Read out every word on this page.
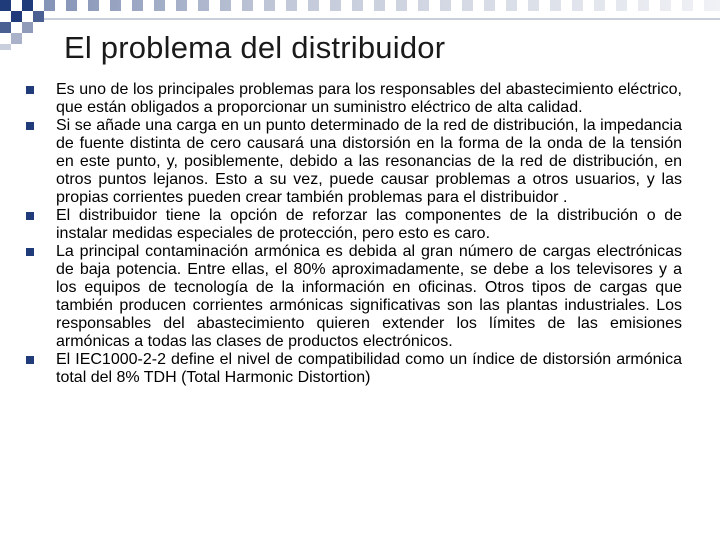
El problema del distribuidor
Es uno de los principales problemas para los responsables del abastecimiento eléctrico, que están obligados a proporcionar un suministro eléctrico de alta calidad.
Si se añade una carga en un punto determinado de la red de distribución, la impedancia de fuente distinta de cero causará una distorsión en la forma de la onda de la tensión en este punto, y, posiblemente, debido a las resonancias de la red de distribución, en otros puntos lejanos. Esto a su vez, puede causar problemas a otros usuarios, y las propias corrientes pueden crear también problemas para el distribuidor .
El distribuidor tiene la opción de reforzar las componentes de la distribución o de instalar medidas especiales de protección, pero esto es caro.
La principal contaminación armónica es debida al gran número de cargas electrónicas de baja potencia. Entre ellas, el 80% aproximadamente, se debe a los televisores y a los equipos de tecnología de la información en oficinas. Otros tipos de cargas que también producen corrientes armónicas significativas son las plantas industriales. Los responsables del abastecimiento quieren extender los límites de las emisiones armónicas a todas las clases de productos electrónicos.
El IEC1000-2-2 define el nivel de compatibilidad como un índice de distorsión armónica total del 8% TDH (Total Harmonic Distortion)
